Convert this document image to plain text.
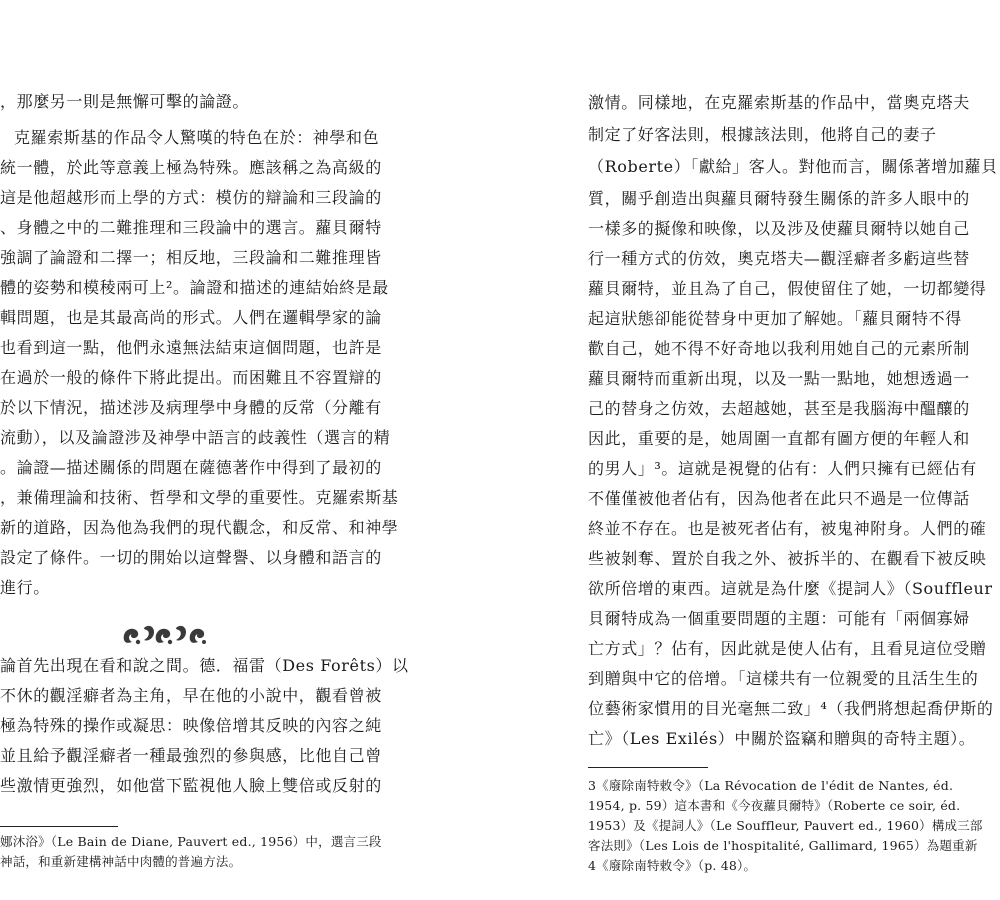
，那麼另一則是無懈可擊的論證。
克羅索斯基的作品令人驚嘆的特色在於：神學和色
統一體，於此等意義上極為特殊。應該稱之為高級的
這是他超越形而上學的方式：模仿的辯論和三段論的
、身體之中的二難推理和三段論中的選言。蘿貝爾特
強調了論證和二擇一；相反地，三段論和二難推理皆
體的姿勢和模稜兩可上²。論證和描述的連結始終是最
輯問題，也是其最高尚的形式。人們在邏輯學家的論
也看到這一點，他們永遠無法結束這個問題，也許是
在過於一般的條件下將此提出。而困難且不容置辯的
於以下情況，描述涉及病理學中身體的反常（分離有
流動），以及論證涉及神學中語言的歧義性（選言的精
。論證—描述關係的問題在薩德著作中得到了最初的
，兼備理論和技術、哲學和文學的重要性。克羅索斯基
新的道路，因為他為我們的現代觀念，和反常、和神學
設定了條件。一切的開始以這聲譽、以身體和語言的
進行。
論首先出現在看和說之間。德．福雷（Des Forêts）以
不休的觀淫癖者為主角，早在他的小說中，觀看曾被
極為特殊的操作或凝思：映像倍增其反映的內容之純
並且給予觀淫癖者一種最強烈的參與感，比他自己曾
些激情更強烈，如他當下監視他人臉上雙倍或反射的
娜沐浴》（Le Bain de Diane, Pauvert ed., 1956）中，選言三段
神話，和重新建構神話中肉體的普遍方法。
激情。同樣地，在克羅索斯基的作品中，當奧克塔夫
制定了好客法則，根據該法則，他將自己的妻子
（Roberte）「獻給」客人。對他而言，關係著增加蘿貝
質，關乎創造出與蘿貝爾特發生關係的許多人眼中的
一樣多的擬像和映像，以及涉及使蘿貝爾特以她自己
行一種方式的仿效，奧克塔夫—觀淫癖者多虧這些替
蘿貝爾特，並且為了自己，假使留住了她，一切都變得
起這狀態卻能從替身中更加了解她。「蘿貝爾特不得
歡自己，她不得不好奇地以我利用她自己的元素所制
蘿貝爾特而重新出現，以及一點一點地，她想透過一
己的替身之仿效，去超越她，甚至是我腦海中醞釀的
因此，重要的是，她周圍一直都有圖方便的年輕人和
的男人」³。這就是視覺的佔有：人們只擁有已經佔有
不僅僅被他者佔有，因為他者在此只不過是一位傳話
終並不存在。也是被死者佔有，被鬼神附身。人們的確
些被剝奪、置於自我之外、被拆半的、在觀看下被反映
欲所倍增的東西。這就是為什麼《提詞人》（Souffleur
貝爾特成為一個重要問題的主題：可能有「兩個寡婦
亡方式」？佔有，因此就是使人佔有，且看見這位受贈
到贈與中它的倍增。「這樣共有一位親愛的且活生生的
位藝術家慣用的目光毫無二致」⁴（我們將想起喬伊斯的
亡》（Les Exilés）中關於盜竊和贈與的奇特主題）。
3《廢除南特敕令》（La Révocation de l'édit de Nantes, éd.
1954, p. 59）這本書和《今夜蘿貝爾特》（Roberte ce soir, éd.
1953）及《提詞人》（Le Souffleur, Pauvert ed., 1960）構成三部
客法則》（Les Lois de l'hospitalité, Gallimard, 1965）為題重新
4《廢除南特敕令》（p. 48）。
